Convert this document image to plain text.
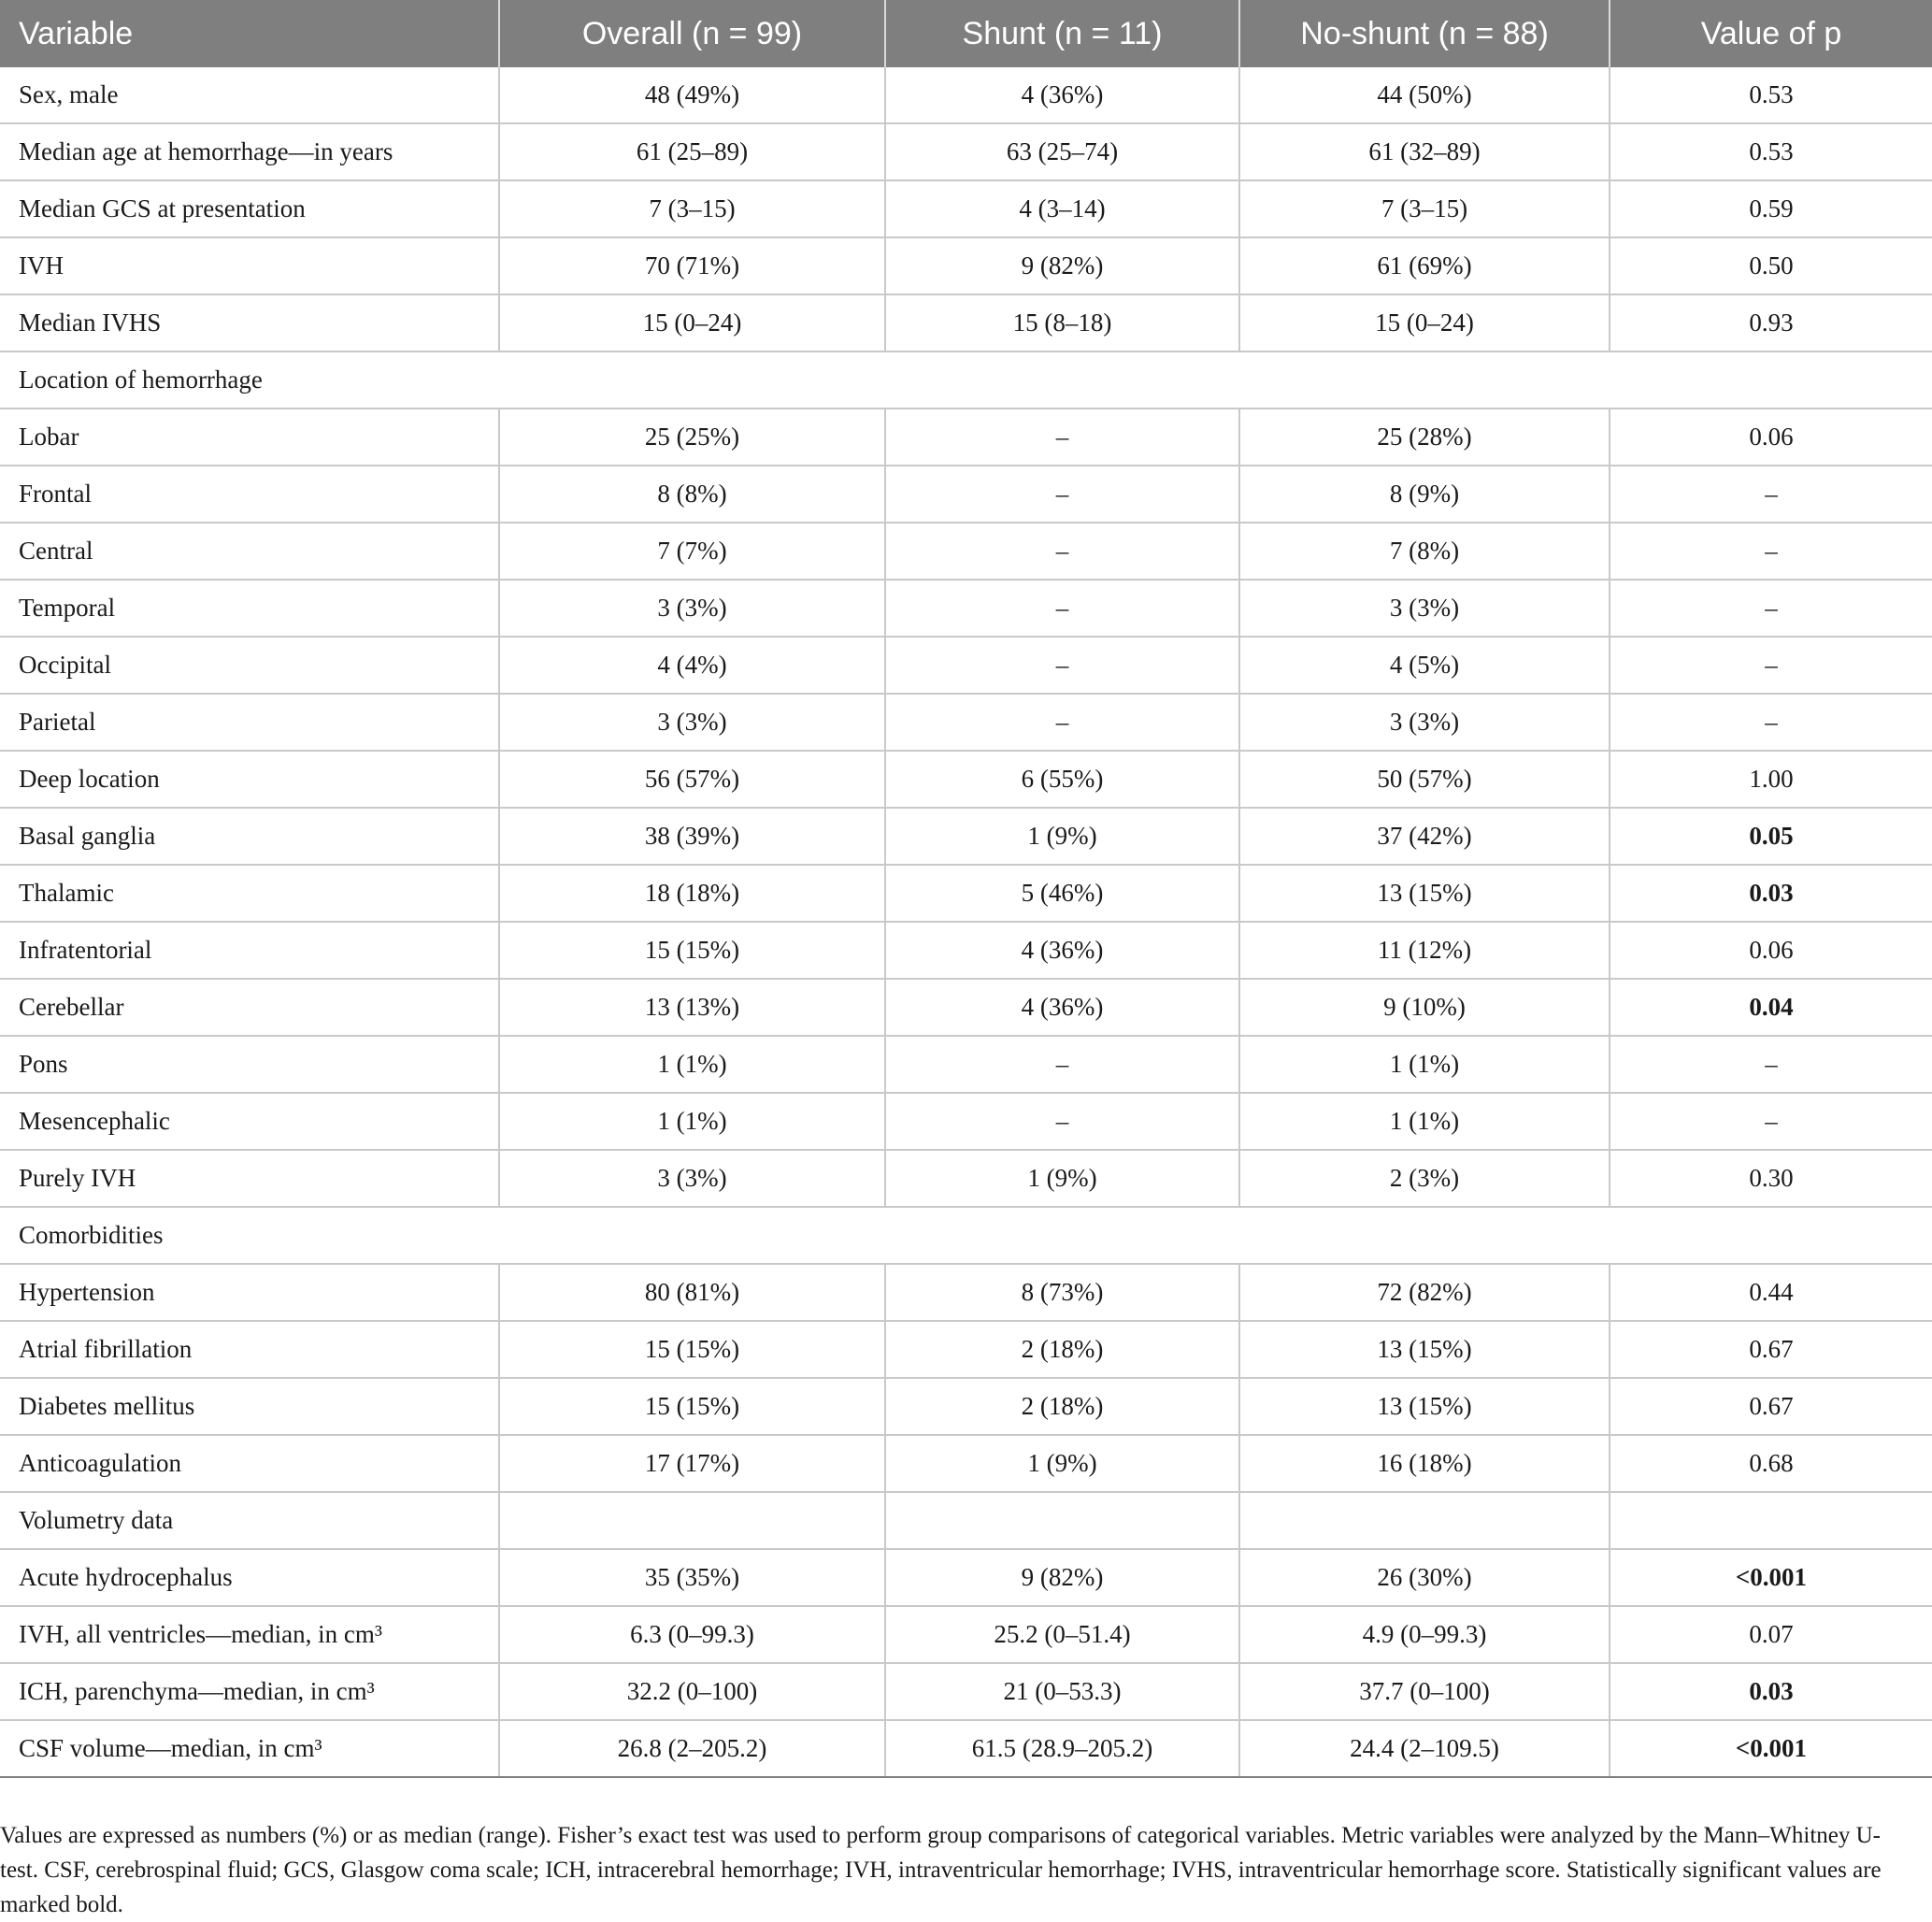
Variable	Overall (n = 99)	Shunt (n = 11)	No-shunt (n = 88)	Value of p
Sex, male	48 (49%)	4 (36%)	44 (50%)	0.53
Median age at hemorrhage—in years	61 (25–89)	63 (25–74)	61 (32–89)	0.53
Median GCS at presentation	7 (3–15)	4 (3–14)	7 (3–15)	0.59
IVH	70 (71%)	9 (82%)	61 (69%)	0.50
Median IVHS	15 (0–24)	15 (8–18)	15 (0–24)	0.93
Location of hemorrhage				
Lobar	25 (25%)	–	25 (28%)	0.06
Frontal	8 (8%)	–	8 (9%)	–
Central	7 (7%)	–	7 (8%)	–
Temporal	3 (3%)	–	3 (3%)	–
Occipital	4 (4%)	–	4 (5%)	–
Parietal	3 (3%)	–	3 (3%)	–
Deep location	56 (57%)	6 (55%)	50 (57%)	1.00
Basal ganglia	38 (39%)	1 (9%)	37 (42%)	0.05
Thalamic	18 (18%)	5 (46%)	13 (15%)	0.03
Infratentorial	15 (15%)	4 (36%)	11 (12%)	0.06
Cerebellar	13 (13%)	4 (36%)	9 (10%)	0.04
Pons	1 (1%)	–	1 (1%)	–
Mesencephalic	1 (1%)	–	1 (1%)	–
Purely IVH	3 (3%)	1 (9%)	2 (3%)	0.30
Comorbidities				
Hypertension	80 (81%)	8 (73%)	72 (82%)	0.44
Atrial fibrillation	15 (15%)	2 (18%)	13 (15%)	0.67
Diabetes mellitus	15 (15%)	2 (18%)	13 (15%)	0.67
Anticoagulation	17 (17%)	1 (9%)	16 (18%)	0.68
Volumetry data				
Acute hydrocephalus	35 (35%)	9 (82%)	26 (30%)	<0.001
IVH, all ventricles—median, in cm³	6.3 (0–99.3)	25.2 (0–51.4)	4.9 (0–99.3)	0.07
ICH, parenchyma—median, in cm³	32.2 (0–100)	21 (0–53.3)	37.7 (0–100)	0.03
CSF volume—median, in cm³	26.8 (2–205.2)	61.5 (28.9–205.2)	24.4 (2–109.5)	<0.001

Values are expressed as numbers (%) or as median (range). Fisher’s exact test was used to perform group comparisons of categorical variables. Metric variables were analyzed by the Mann–Whitney U-test. CSF, cerebrospinal fluid; GCS, Glasgow coma scale; ICH, intracerebral hemorrhage; IVH, intraventricular hemorrhage; IVHS, intraventricular hemorrhage score. Statistically significant values are marked bold.
